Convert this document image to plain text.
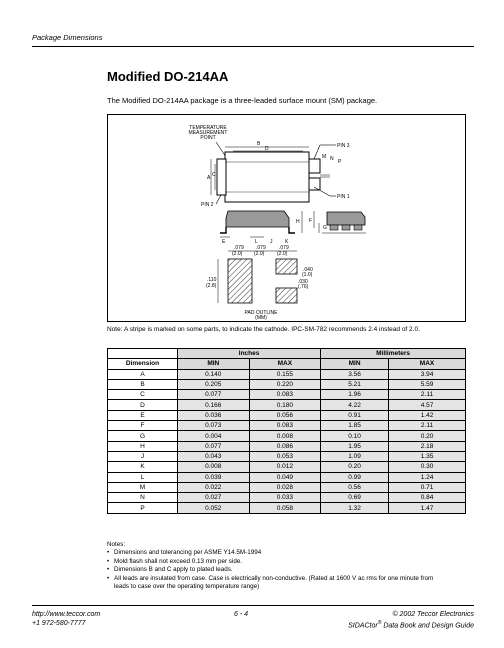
Package Dimensions
Modified DO-214AA
The Modified DO-214AA package is a three-leaded surface mount (SM) package.
TEMPERATURE
MEASUREMENT
POINT
B
D
A C
M N P
PIN 3
PIN 1
PIN 2
E	L J	K
H F
G
.079
(2.0)
.079
(2.0)
.079
(2.0)
.110
(2.8)
.040
(1.0)
.030
(.76)
PAD OUTLINE
(MM)
Note: A stripe is marked on some parts, to indicate the cathode. IPC-SM-782 recommends 2.4 instead of 2.0.
	Inches		Millimeters	
Dimension	MIN	MAX	MIN	MAX
A	0.140	0.155	3.56	3.94
B	0.205	0.220	5.21	5.59
C	0.077	0.083	1.96	2.11
D	0.166	0.180	4.22	4.57
E	0.036	0.056	0.91	1.42
F	0.073	0.083	1.85	2.11
G	0.004	0.008	0.10	0.20
H	0.077	0.086	1.95	2.18
J	0.043	0.053	1.09	1.35
K	0.008	0.012	0.20	0.30
L	0.039	0.049	0.99	1.24
M	0.022	0.028	0.56	0.71
N	0.027	0.033	0.69	0.84
P	0.052	0.058	1.32	1.47
Notes:
• Dimensions and tolerancing per ASME Y14.5M-1994
• Mold flash shall not exceed 0.13 mm per side.
• Dimensions B and C apply to plated leads.
• All leads are insulated from case. Case is electrically non-conductive. (Rated at 1600 V ac rms for one minute from leads to case over the operating temperature range)
http://www.teccor.com
+1 972-580-7777
6 - 4	© 2002 Teccor Electronics
SIDACtor® Data Book and Design Guide
